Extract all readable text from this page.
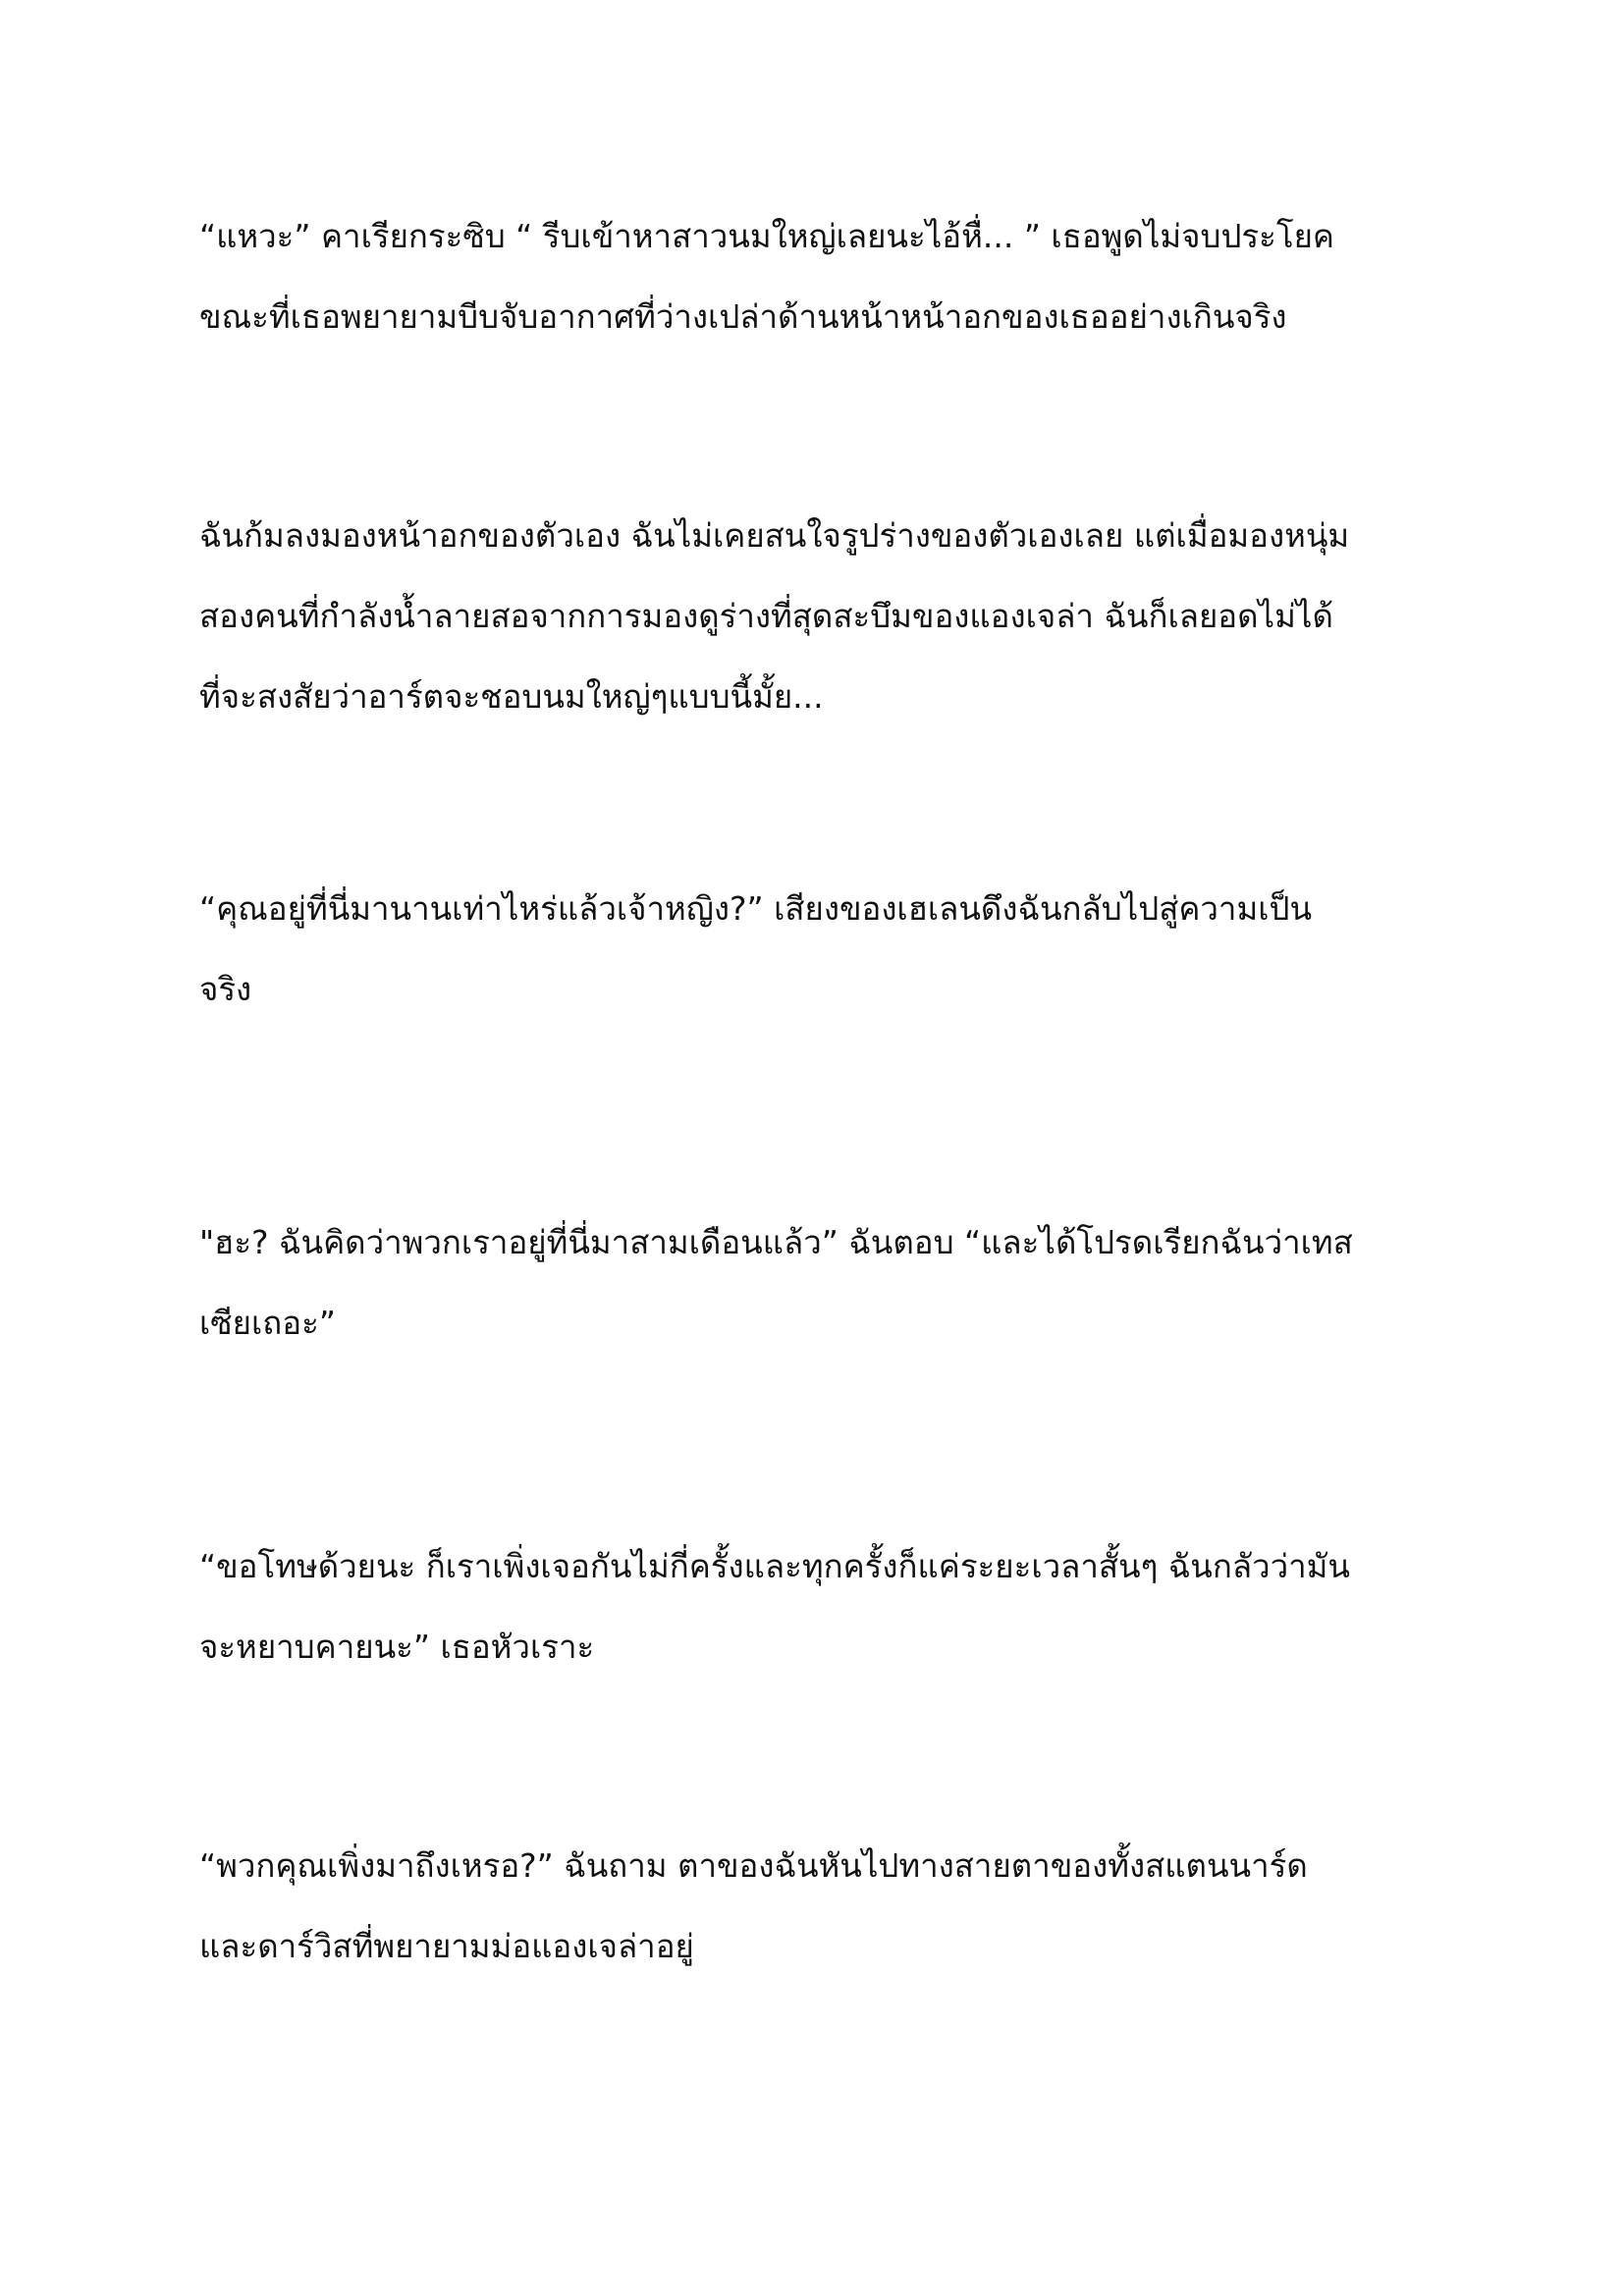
“แหวะ” คาเรียกระซิบ “ รีบเข้าหาสาวนมใหญ่เลยนะไอ้หื่... ” เธอพูดไม่จบประโยค
ขณะที่เธอพยายามบีบจับอากาศที่ว่างเปล่าด้านหน้าหน้าอกของเธออย่างเกินจริง

ฉันก้มลงมองหน้าอกของตัวเอง ฉันไม่เคยสนใจรูปร่างของตัวเองเลย แต่เมื่อมองหนุ่ม
สองคนที่กำลังน้ำลายสอจากการมองดูร่างที่สุดสะบึมของแองเจล่า ฉันก็เลยอดไม่ได้
ที่จะสงสัยว่าอาร์ตจะชอบนมใหญ่ๆแบบนี้มั้ย...

“คุณอยู่ที่นี่มานานเท่าไหร่แล้วเจ้าหญิง?” เสียงของเฮเลนดึงฉันกลับไปสู่ความเป็น
จริง

"ฮะ? ฉันคิดว่าพวกเราอยู่ที่นี่มาสามเดือนแล้ว” ฉันตอบ “และได้โปรดเรียกฉันว่าเทส
เซียเถอะ”

“ขอโทษด้วยนะ ก็เราเพิ่งเจอกันไม่กี่ครั้งและทุกครั้งก็แค่ระยะเวลาสั้นๆ ฉันกลัวว่ามัน
จะหยาบคายนะ” เธอหัวเราะ

“พวกคุณเพิ่งมาถึงเหรอ?” ฉันถาม ตาของฉันหันไปทางสายตาของทั้งสแตนนาร์ด
และดาร์วิสที่พยายามม่อแองเจล่าอยู่
